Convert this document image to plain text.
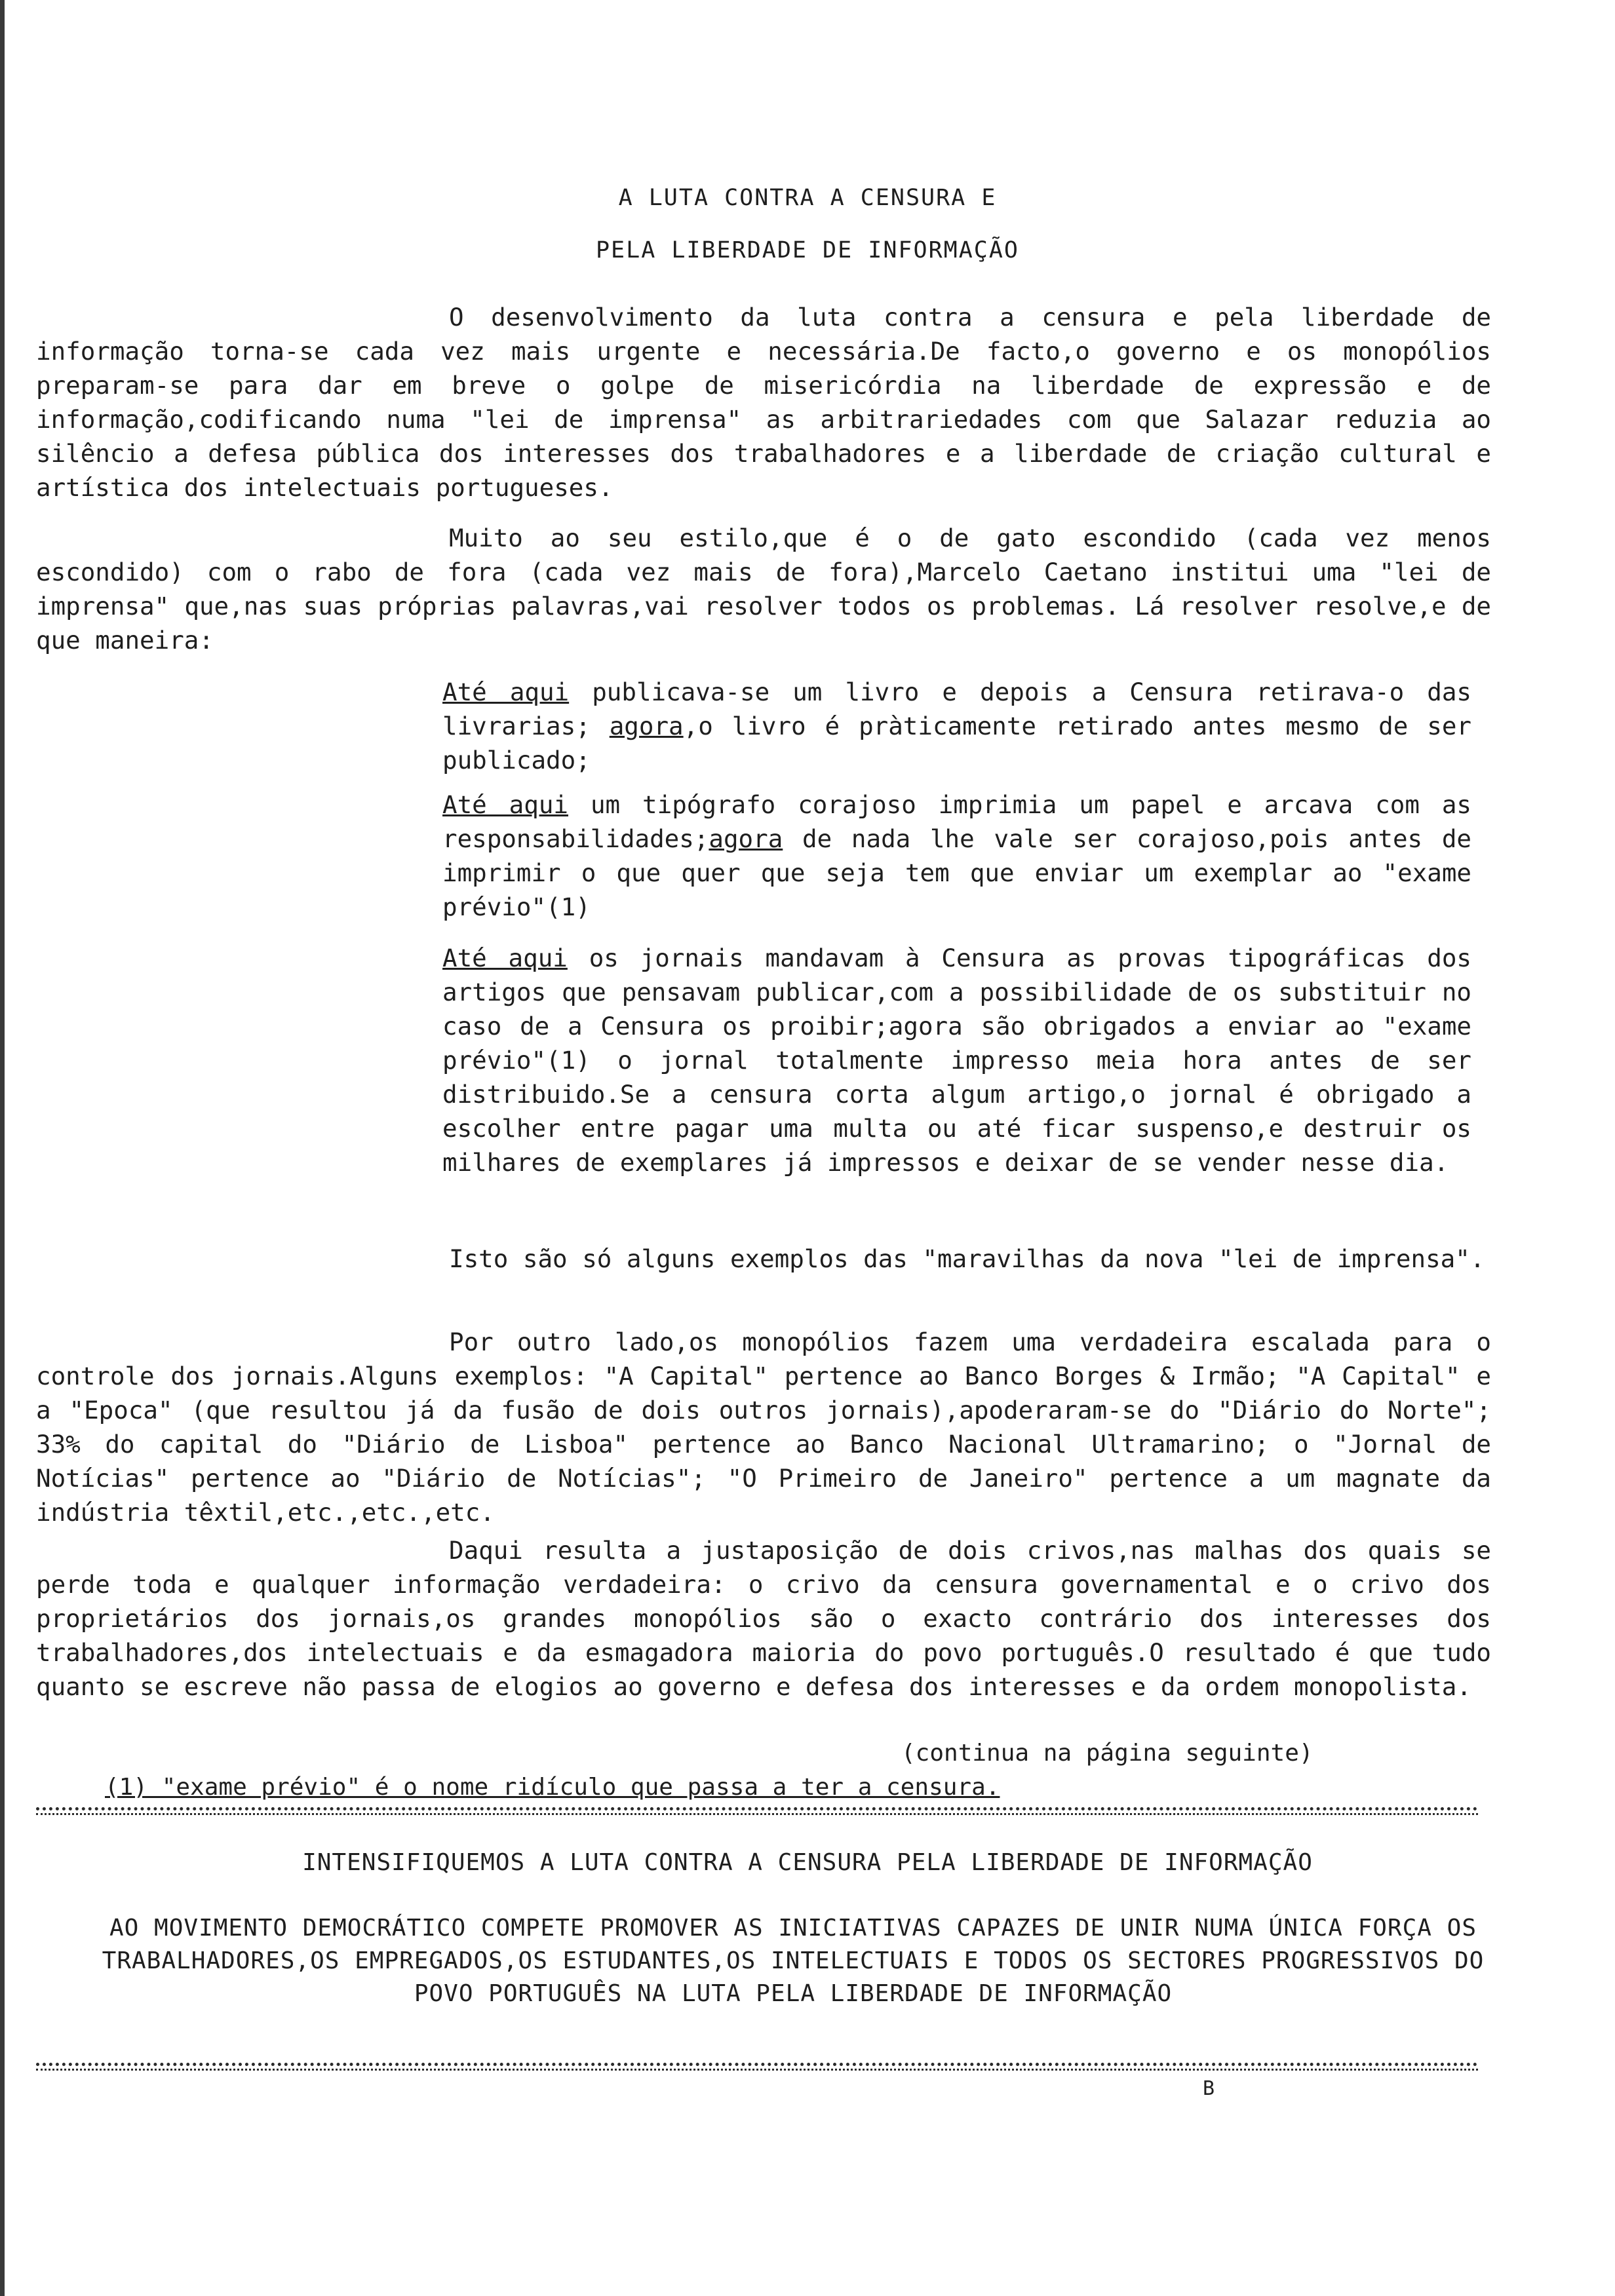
A LUTA CONTRA A CENSURA E
PELA LIBERDADE DE INFORMAÇÃO

O desenvolvimento da luta contra a censura e pela liberdade de informação torna-se cada vez mais urgente e necessária.De facto,o governo e os monopólios preparam-se para dar em breve o golpe de misericórdia na liberdade de expressão e de informação,codificando numa "lei de imprensa" as arbitrariedades com que Salazar reduzia ao silêncio a defesa pública dos interesses dos trabalhadores e a liberdade de criação cultural e artística dos intelectuais portugueses.

Muito ao seu estilo,que é o de gato escondido (cada vez menos escondido) com o rabo de fora (cada vez mais de fora),Marcelo Caetano institui uma "lei de imprensa" que,nas suas próprias palavras,vai resolver todos os problemas. Lá resolver resolve,e de que maneira:

Até aqui publicava-se um livro e depois a Censura retirava-o das livrarias; agora,o livro é pràticamente retirado antes mesmo de ser publicado;

Até aqui um tipógrafo corajoso imprimia um papel e arcava com as responsabilidades;agora de nada lhe vale ser corajoso,pois antes de imprimir o que quer que seja tem que enviar um exemplar ao "exame prévio"(1)

Até aqui os jornais mandavam à Censura as provas tipográficas dos artigos que pensavam publicar,com a possibilidade de os substituir no caso de a Censura os proibir;agora são obrigados a enviar ao "exame prévio"(1) o jornal totalmente impresso meia hora antes de ser distribuido.Se a censura corta algum artigo,o jornal é obrigado a escolher entre pagar uma multa ou até ficar suspenso,e destruir os milhares de exemplares já impressos e deixar de se vender nesse dia.

Isto são só alguns exemplos das "maravilhas da nova "lei de imprensa".

Por outro lado,os monopólios fazem uma verdadeira escalada para o controle dos jornais.Alguns exemplos: "A Capital" pertence ao Banco Borges & Irmão; "A Capital" e a "Epoca" (que resultou já da fusão de dois outros jornais),apoderaram-se do "Diário do Norte"; 33% do capital do "Diário de Lisboa" pertence ao Banco Nacional Ultramarino; o "Jornal de Notícias" pertence ao "Diário de Notícias"; "O Primeiro de Janeiro" pertence a um magnate da indústria têxtil,etc.,etc.,etc.

Daqui resulta a justaposição de dois crivos,nas malhas dos quais se perde toda e qualquer informação verdadeira: o crivo da censura governamental e o crivo dos proprietários dos jornais,os grandes monopólios são o exacto contrário dos interesses dos trabalhadores,dos intelectuais e da esmagadora maioria do povo português.O resultado é que tudo quanto se escreve não passa de elogios ao governo e defesa dos interesses e da ordem monopolista.

(continua na página seguinte)

(1) "exame prévio" é o nome ridículo que passa a ter a censura.

INTENSIFIQUEMOS A LUTA CONTRA A CENSURA PELA LIBERDADE DE INFORMAÇÃO

AO MOVIMENTO DEMOCRÁTICO COMPETE PROMOVER AS INICIATIVAS CAPAZES DE UNIR NUMA ÚNICA FORÇA OS TRABALHADORES,OS EMPREGADOS,OS ESTUDANTES,OS INTELECTUAIS E TODOS OS SECTORES PROGRESSIVOS DO POVO PORTUGUÊS NA LUTA PELA LIBERDADE DE INFORMAÇÃO

B
